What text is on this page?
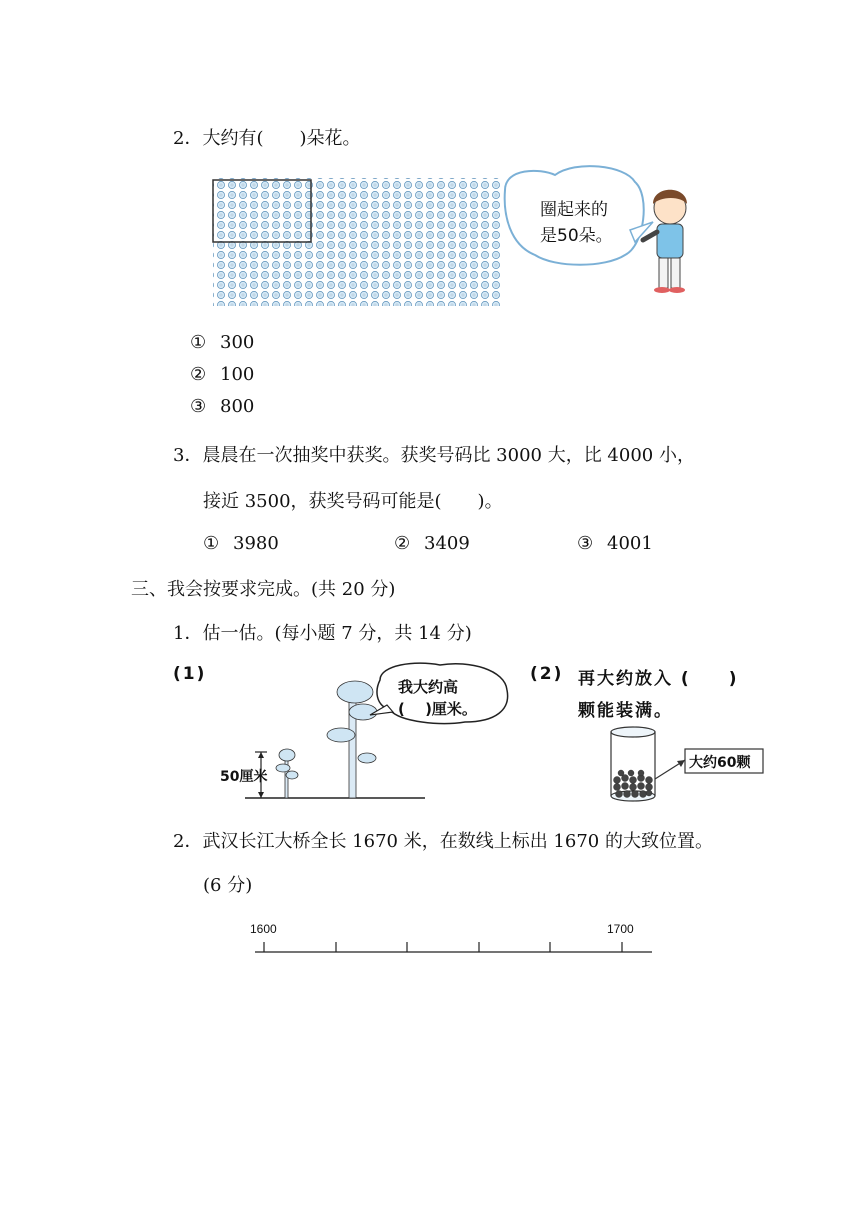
2．大约有(　　)朵花。
圈起来的
是50朵。
① 300
② 100
③ 800
3．晨晨在一次抽奖中获奖。获奖号码比 3000 大，比 4000 小，
接近 3500，获奖号码可能是(　　)。
① 3980	② 3409	③ 4001
三、我会按要求完成。(共 20 分)
1．估一估。(每小题 7 分，共 14 分)
(1)
我大约高
(　 )厘米。
50厘米
(2) 再大约放入 (　　)
颗能装满。
大约60颗
2．武汉长江大桥全长 1670 米，在数线上标出 1670 的大致位置。
(6 分)
1600	1700
